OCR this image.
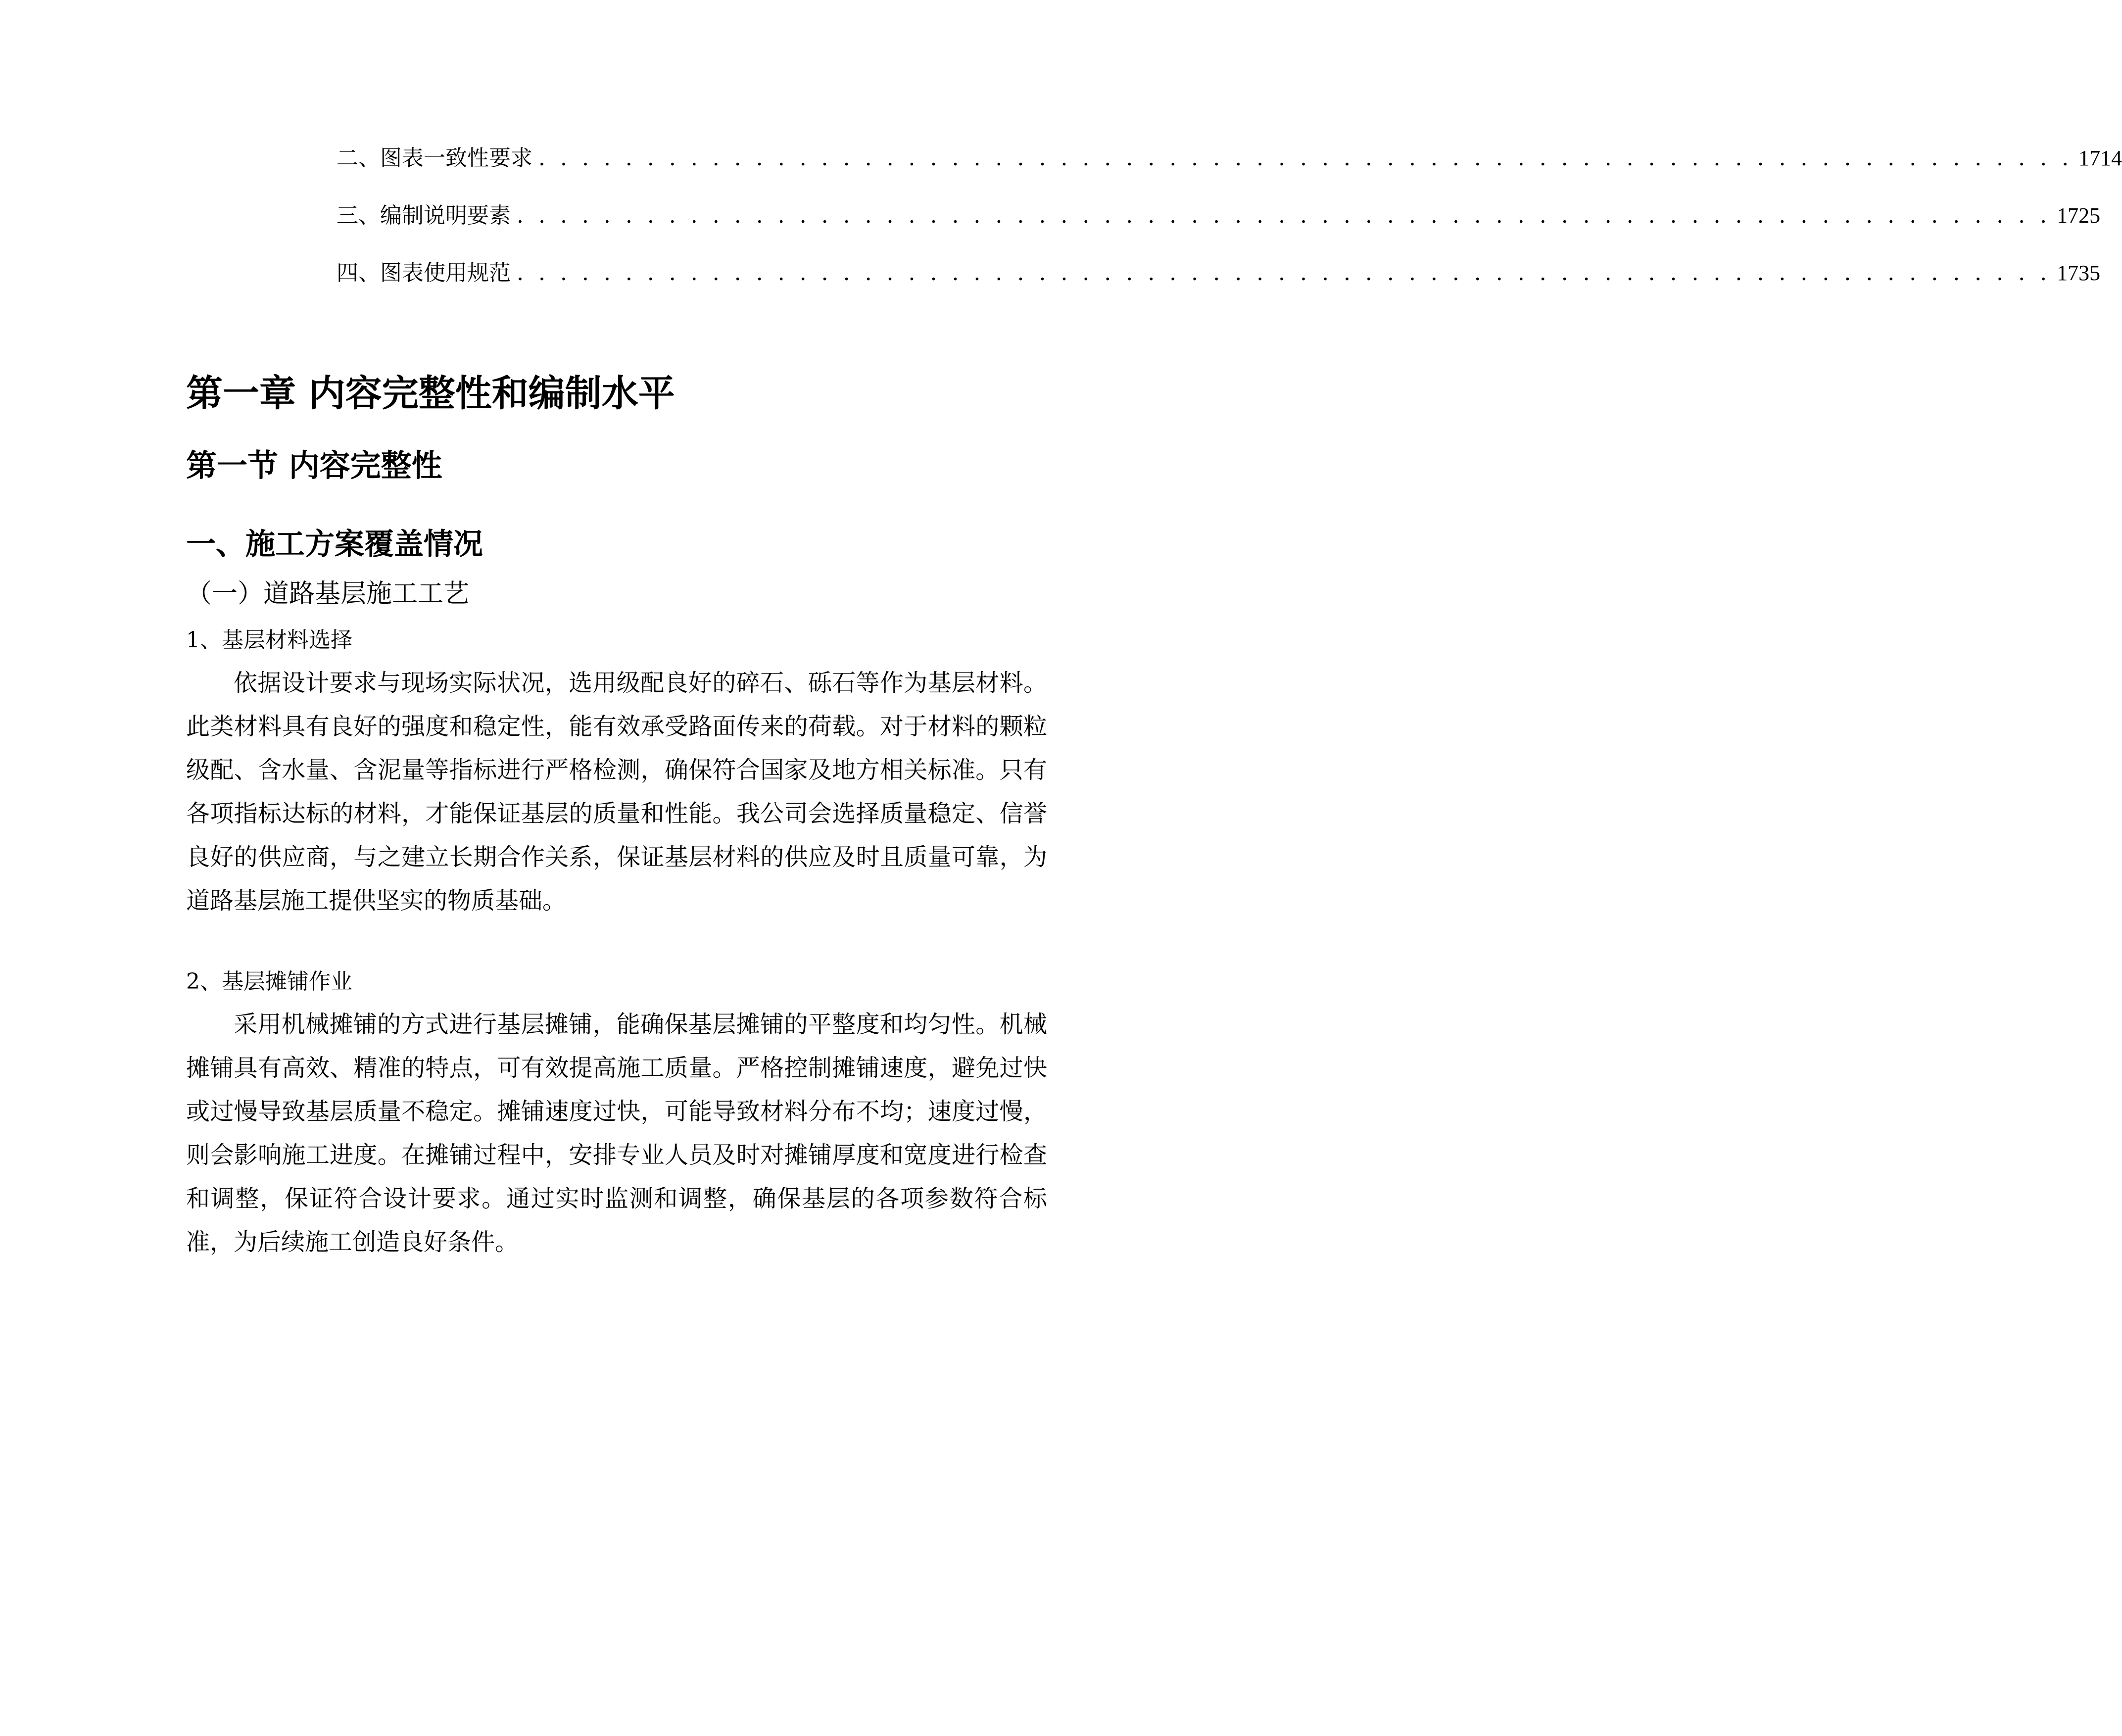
二、 图表一致性要求 . . . . . . . . . . . . . . . . . . . . . . . . . . . . . . . . . . . . . . . . . . . . . . . . . . . . . . . . . . . . . . . . . . . . . . . 1714
三、 编制说明要素 . . . . . . . . . . . . . . . . . . . . . . . . . . . . . . . . . . . . . . . . . . . . . . . . . . . . . . . . . . . . . . . . . . . . . . . 1725
四、 图表使用规范 . . . . . . . . . . . . . . . . . . . . . . . . . . . . . . . . . . . . . . . . . . . . . . . . . . . . . . . . . . . . . . . . . . . . . . . 1735
第一章 内容完整性和编制水平
第一节 内容完整性
一、施工方案覆盖情况
（一）道路基层施工工艺
1、基层材料选择

依据设计要求与现场实际状况，选用级配良好的碎石、砾石等作为基层材料。此类材料具有良好的强度和稳定性，能有效承受路面传来的荷载。对于材料的颗粒级配、含水量、含泥量等指标进行严格检测，确保符合国家及地方相关标准。只有各项指标达标的材料，才能保证基层的质量和性能。我公司会选择质量稳定、信誉良好的供应商，与之建立长期合作关系，保证基层材料的供应及时且质量可靠，为道路基层施工提供坚实的物质基础。

2、基层摊铺作业

采用机械摊铺的方式进行基层摊铺，能确保基层摊铺的平整度和均匀性。机械摊铺具有高效、精准的特点，可有效提高施工质量。严格控制摊铺速度，避免过快或过慢导致基层质量不稳定。摊铺速度过快，可能导致材料分布不均；速度过慢，则会影响施工进度。在摊铺过程中，安排专业人员及时对摊铺厚度和宽度进行检查和调整，保证符合设计要求。通过实时监测和调整，确保基层的各项参数符合标准，为后续施工创造良好条件。
